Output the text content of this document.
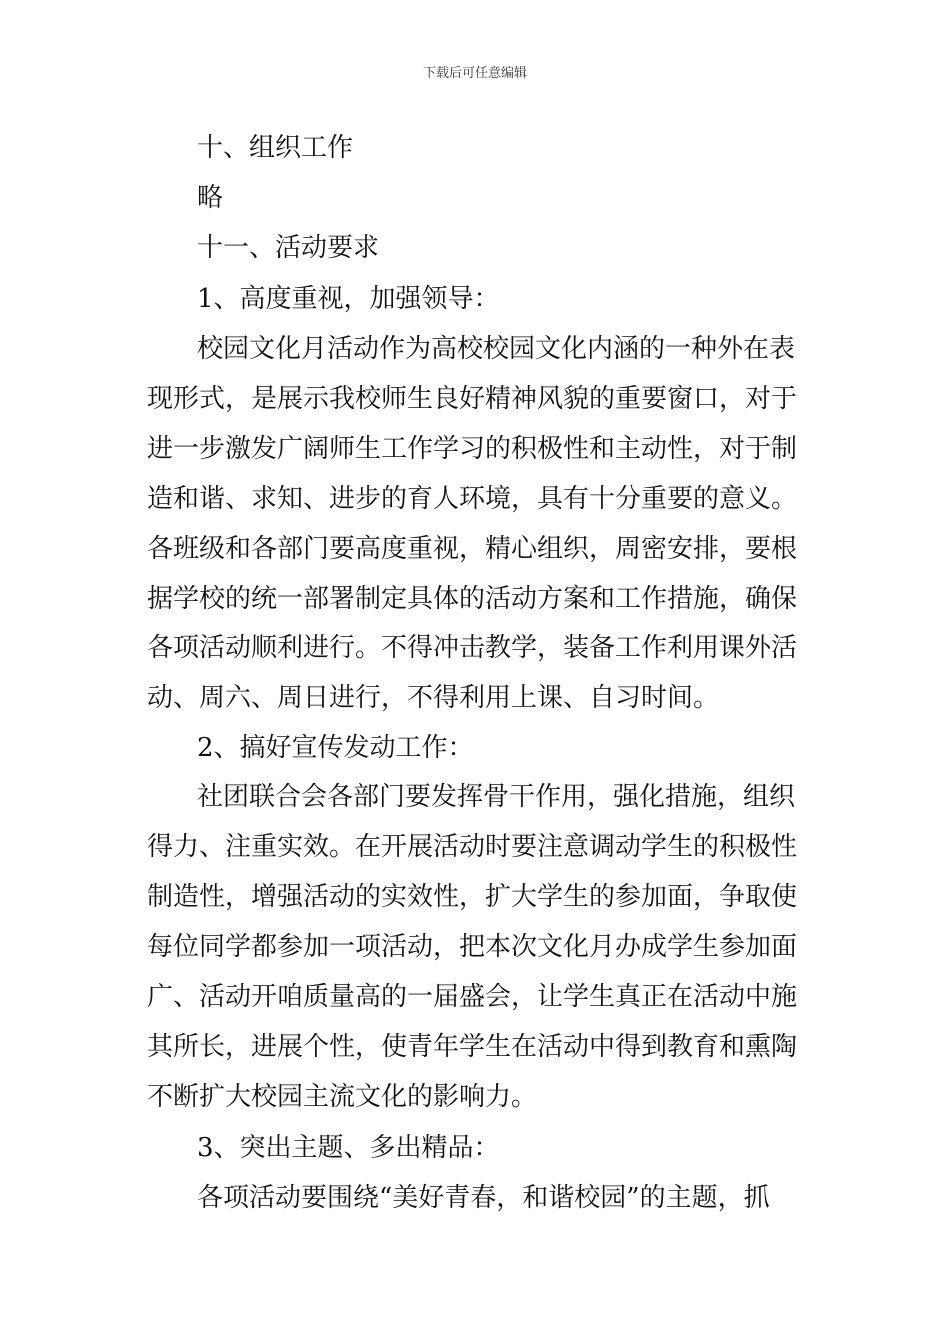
下载后可任意编辑
十、组织工作
略
十一、活动要求
1、高度重视，加强领导：
校园文化月活动作为高校校园文化内涵的一种外在表
现形式，是展示我校师生良好精神风貌的重要窗口，对于
进一步激发广阔师生工作学习的积极性和主动性，对于制
造和谐、求知、进步的育人环境，具有十分重要的意义。
各班级和各部门要高度重视，精心组织，周密安排，要根
据学校的统一部署制定具体的活动方案和工作措施，确保
各项活动顺利进行。不得冲击教学，装备工作利用课外活
动、周六、周日进行，不得利用上课、自习时间。
2、搞好宣传发动工作：
社团联合会各部门要发挥骨干作用，强化措施，组织
得力、注重实效。在开展活动时要注意调动学生的积极性
制造性，增强活动的实效性，扩大学生的参加面，争取使
每位同学都参加一项活动，把本次文化月办成学生参加面
广、活动开咱质量高的一届盛会，让学生真正在活动中施
其所长，进展个性，使青年学生在活动中得到教育和熏陶
不断扩大校园主流文化的影响力。
3、突出主题、多出精品：
各项活动要围绕“美好青春，和谐校园”的主题，抓
